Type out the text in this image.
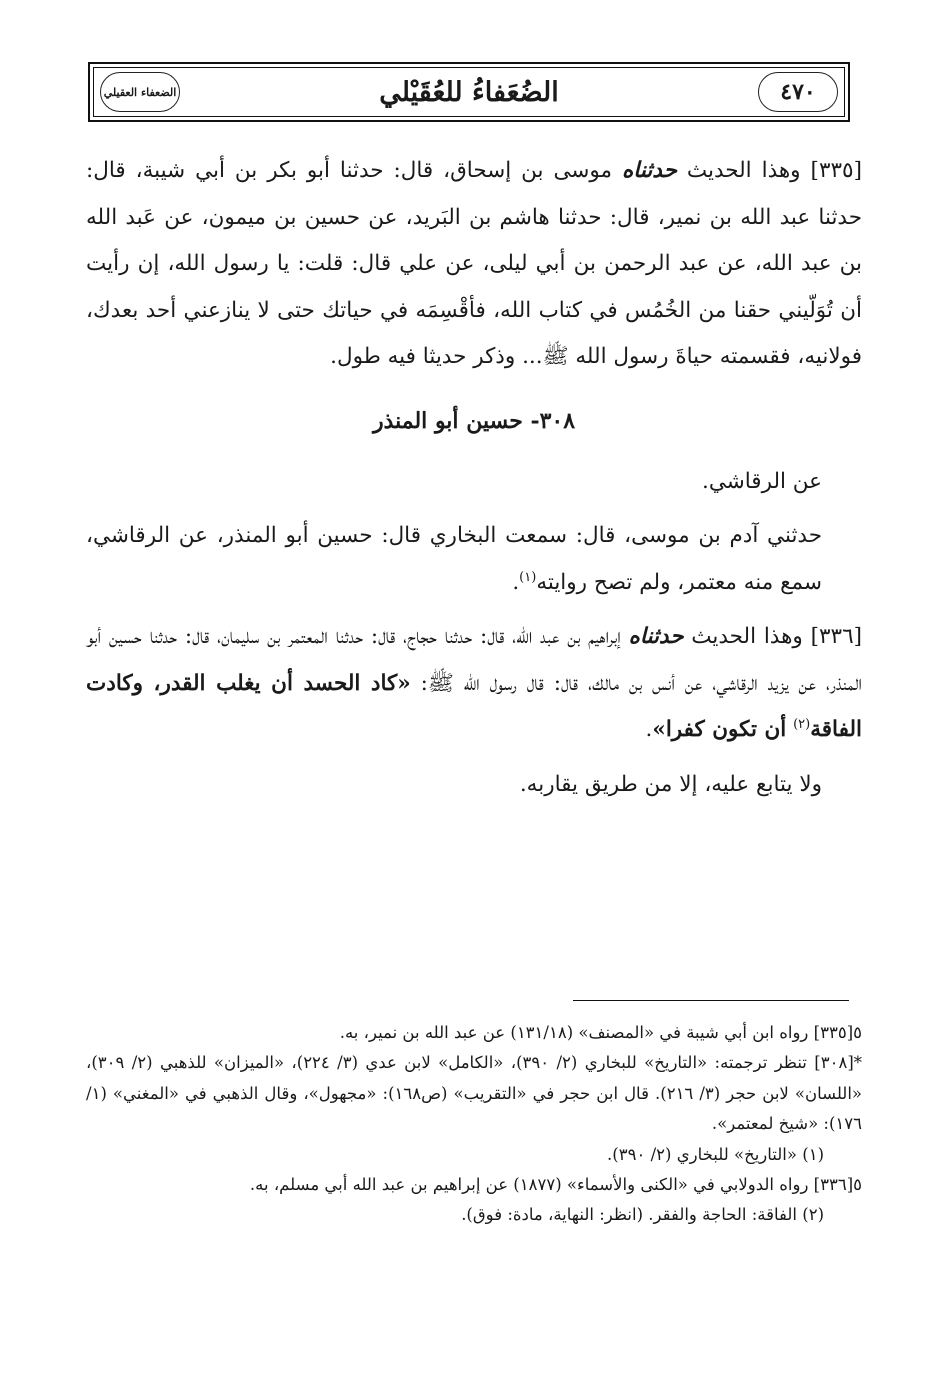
٤٧٠
الضُعَفاءُ للعُقَيْلي
الضعفاء العقيلي

[٣٣٥] وهذا الحديث حدثناه موسى بن إسحاق، قال: حدثنا أبو بكر بن أبي شيبة، قال: حدثنا عبد الله بن نمير، قال: حدثنا هاشم بن البَريد، عن حسين بن ميمون، عن عَبد الله بن عبد الله، عن عبد الرحمن بن أبي ليلى، عن علي قال: قلت: يا رسول الله، إن رأيت أن تُوَلّيني حقنا من الخُمُس في كتاب الله، فأقْسِمَه في حياتك حتى لا ينازعني أحد بعدك، فولانيه، فقسمته حياةَ رسول الله ﷺ... وذكر حديثا فيه طول.

٣٠٨- حسين أبو المنذر

عن الرقاشي.

حدثني آدم بن موسى، قال: سمعت البخاري قال: حسين أبو المنذر، عن الرقاشي، سمع منه معتمر، ولم تصح روايته$^{(١)}$.

[٣٣٦] وهذا الحديث حدثناه إبراهيم بن عبد الله، قال: حدثنا حجاج، قال: حدثنا المعتمر بن سليمان، قال: حدثنا حسين أبو المنذر، عن يزيد الرقاشي، عن أنس بن مالك، قال: قال رسول الله ﷺ: «كاد الحسد أن يغلب القدر، وكادت الفاقة$^{(٢)}$ أن تكون كفرا».

ولا يتابع عليه، إلا من طريق يقاربه.

٥[٣٣٥] رواه ابن أبي شيبة في «المصنف» (١٣١/١٨) عن عبد الله بن نمير، به.

*[٣٠٨] تنظر ترجمته: «التاريخ» للبخاري (٢/ ٣٩٠)، «الكامل» لابن عدي (٣/ ٢٢٤)، «الميزان» للذهبي (٢/ ٣٠٩)، «اللسان» لابن حجر (٣/ ٢١٦). قال ابن حجر في «التقريب» (ص١٦٨): «مجهول»، وقال الذهبي في «المغني» (١/ ١٧٦): «شيخ لمعتمر».

(١) «التاريخ» للبخاري (٢/ ٣٩٠).

٥[٣٣٦] رواه الدولابي في «الكنى والأسماء» (١٨٧٧) عن إبراهيم بن عبد الله أبي مسلم، به.

(٢) الفاقة: الحاجة والفقر. (انظر: النهاية، مادة: فوق).
